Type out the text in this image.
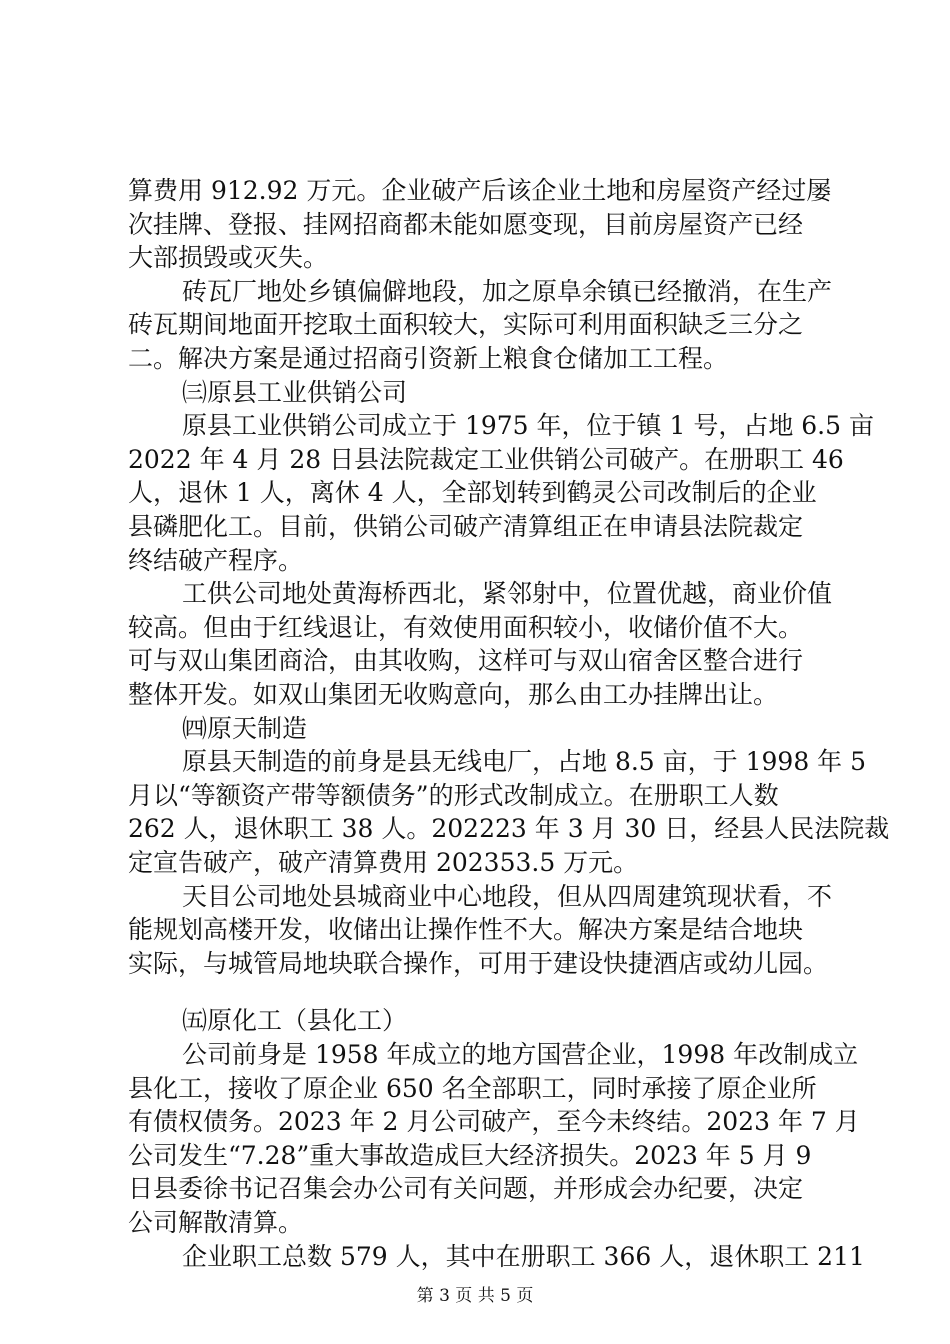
算费用 912.92 万元。企业破产后该企业土地和房屋资产经过屡
次挂牌、登报、挂网招商都未能如愿变现，目前房屋资产已经
大部损毁或灭失。
砖瓦厂地处乡镇偏僻地段，加之原阜余镇已经撤消，在生产
砖瓦期间地面开挖取土面积较大，实际可利用面积缺乏三分之
二。解决方案是通过招商引资新上粮食仓储加工工程。
㈢原县工业供销公司
原县工业供销公司成立于 1975 年，位于镇 1 号，占地 6.5 亩
2022 年 4 月 28 日县法院裁定工业供销公司破产。在册职工 46
人，退休 1 人，离休 4 人，全部划转到鹤灵公司改制后的企业
县磷肥化工。目前，供销公司破产清算组正在申请县法院裁定
终结破产程序。
工供公司地处黄海桥西北，紧邻射中，位置优越，商业价值
较高。但由于红线退让，有效使用面积较小，收储价值不大。
可与双山集团商洽，由其收购，这样可与双山宿舍区整合进行
整体开发。如双山集团无收购意向，那么由工办挂牌出让。
㈣原天制造
原县天制造的前身是县无线电厂，占地 8.5 亩，于 1998 年 5
月以“等额资产带等额债务”的形式改制成立。在册职工人数
262 人，退休职工 38 人。202223 年 3 月 30 日，经县人民法院裁
定宣告破产，破产清算费用 202353.5 万元。
天目公司地处县城商业中心地段，但从四周建筑现状看，不
能规划高楼开发，收储出让操作性不大。解决方案是结合地块
实际，与城管局地块联合操作，可用于建设快捷酒店或幼儿园。
㈤原化工（县化工）
公司前身是 1958 年成立的地方国营企业，1998 年改制成立
县化工，接收了原企业 650 名全部职工，同时承接了原企业所
有债权债务。2023 年 2 月公司破产，至今未终结。2023 年 7 月
公司发生“7.28”重大事故造成巨大经济损失。2023 年 5 月 9
日县委徐书记召集会办公司有关问题，并形成会办纪要，决定
公司解散清算。
企业职工总数 579 人，其中在册职工 366 人，退休职工 211
第 3 页 共 5 页
